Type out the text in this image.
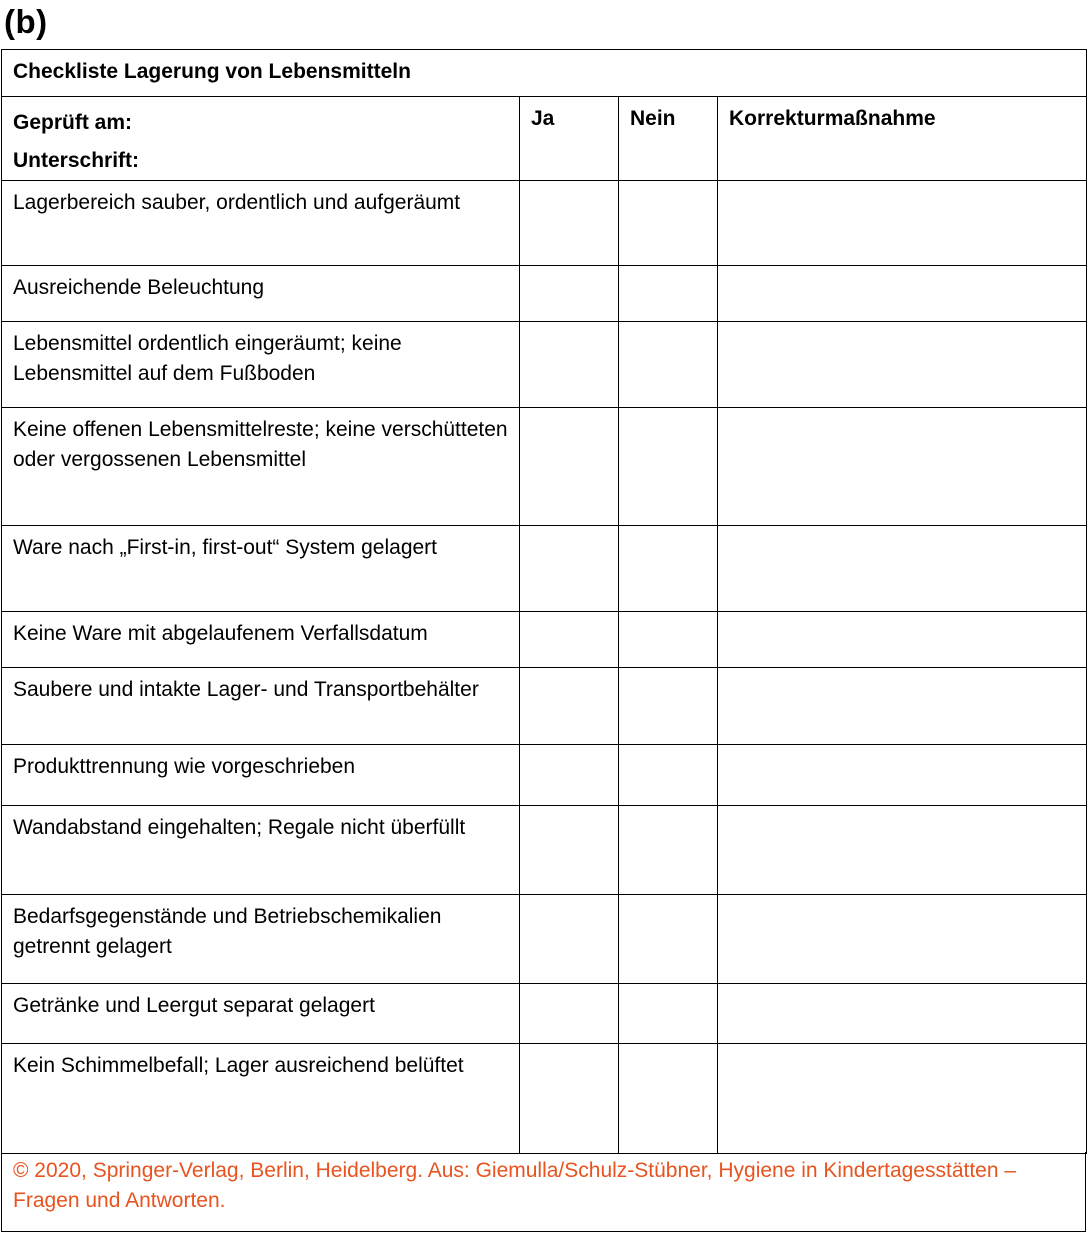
(b)
Checkliste Lagerung von Lebensmitteln			

Geprüft am:
Unterschrift:	Ja	Nein	Korrekturmaßnahme
Lagerbereich sauber, ordentlich und aufgeräumt			
Ausreichende Beleuchtung			
Lebensmittel ordentlich eingeräumt; keine Lebensmittel auf dem Fußboden			
Keine offenen Lebensmittelreste; keine verschütteten oder vergossenen Lebensmittel			
Ware nach „First-in, first-out“ System gelagert			
Keine Ware mit abgelaufenem Verfallsdatum			
Saubere und intakte Lager- und Transportbehälter			
Produkttrennung wie vorgeschrieben			
Wandabstand eingehalten; Regale nicht überfüllt			
Bedarfsgegenstände und Betriebschemikalien getrennt gelagert			
Getränke und Leergut separat gelagert			
Kein Schimmelbefall; Lager ausreichend belüftet			
© 2020, Springer-Verlag, Berlin, Heidelberg. Aus: Giemulla/Schulz-Stübner, Hygiene in Kindertagesstätten – Fragen und Antworten.
